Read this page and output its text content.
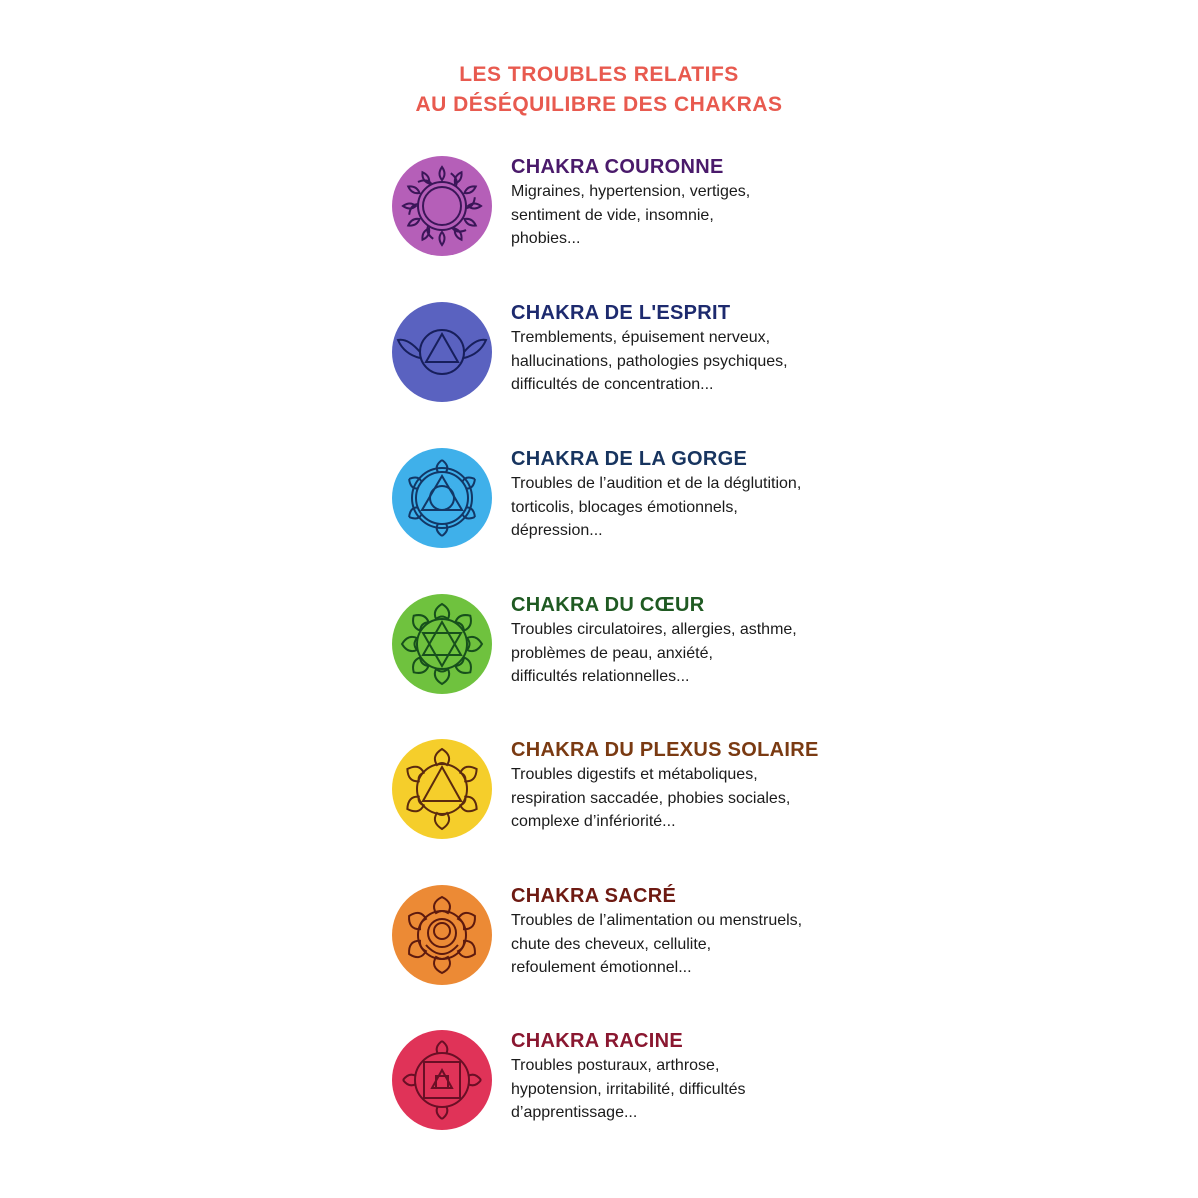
LES TROUBLES RELATIFS
AU DÉSÉQUILIBRE DES CHAKRAS
CHAKRA COURONNE
Migraines, hypertension, vertiges,
sentiment de vide, insomnie,
phobies...
CHAKRA DE L'ESPRIT
Tremblements, épuisement nerveux,
hallucinations, pathologies psychiques,
difficultés de concentration...
CHAKRA DE LA GORGE
Troubles de l’audition et de la déglutition,
torticolis, blocages émotionnels,
dépression...
CHAKRA DU CŒUR
Troubles circulatoires, allergies, asthme,
problèmes de peau, anxiété,
difficultés relationnelles...
CHAKRA DU PLEXUS SOLAIRE
Troubles digestifs et métaboliques,
respiration saccadée, phobies sociales,
complexe d’infériorité...
CHAKRA SACRÉ
Troubles de l’alimentation ou menstruels,
chute des cheveux, cellulite,
refoulement émotionnel...
CHAKRA RACINE
Troubles posturaux, arthrose,
hypotension, irritabilité, difficultés
d’apprentissage...
